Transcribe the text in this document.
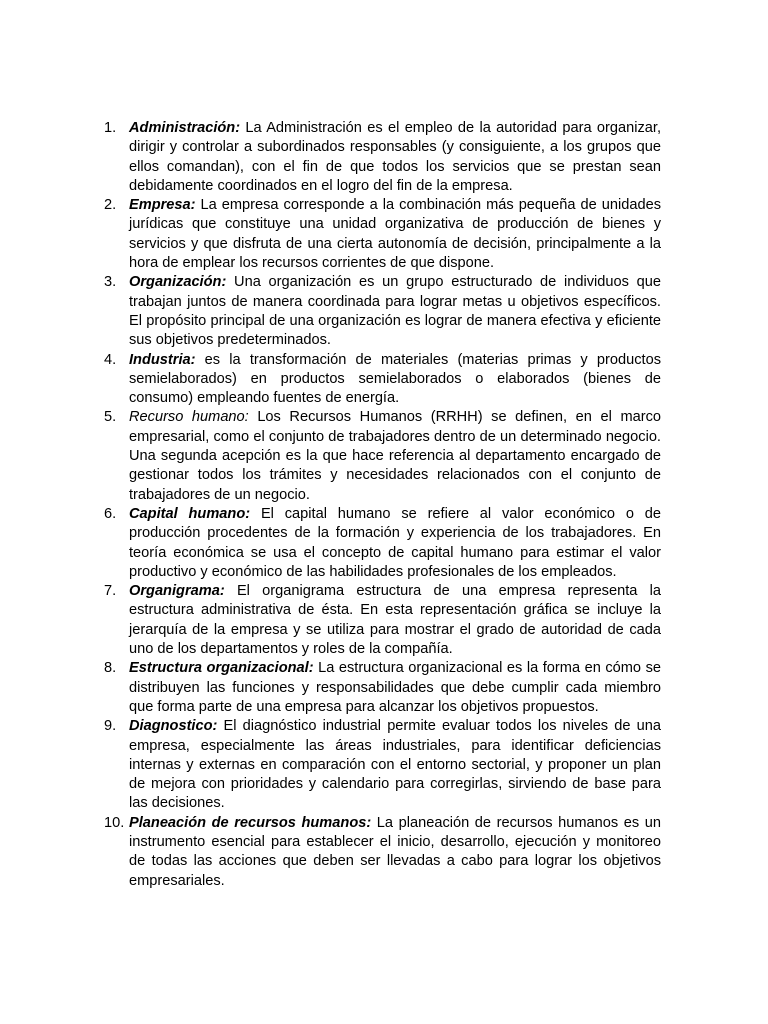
1. Administración: La Administración es el empleo de la autoridad para organizar, dirigir y controlar a subordinados responsables (y consiguiente, a los grupos que ellos comandan), con el fin de que todos los servicios que se prestan sean debidamente coordinados en el logro del fin de la empresa.
2. Empresa: La empresa corresponde a la combinación más pequeña de unidades jurídicas que constituye una unidad organizativa de producción de bienes y servicios y que disfruta de una cierta autonomía de decisión, principalmente a la hora de emplear los recursos corrientes de que dispone.
3. Organización: Una organización es un grupo estructurado de individuos que trabajan juntos de manera coordinada para lograr metas u objetivos específicos. El propósito principal de una organización es lograr de manera efectiva y eficiente sus objetivos predeterminados.
4. Industria: es la transformación de materiales (materias primas y productos semielaborados) en productos semielaborados o elaborados (bienes de consumo) empleando fuentes de energía.
5. Recurso humano: Los Recursos Humanos (RRHH) se definen, en el marco empresarial, como el conjunto de trabajadores dentro de un determinado negocio. Una segunda acepción es la que hace referencia al departamento encargado de gestionar todos los trámites y necesidades relacionados con el conjunto de trabajadores de un negocio.
6. Capital humano: El capital humano se refiere al valor económico o de producción procedentes de la formación y experiencia de los trabajadores. En teoría económica se usa el concepto de capital humano para estimar el valor productivo y económico de las habilidades profesionales de los empleados.
7. Organigrama: El organigrama estructura de una empresa representa la estructura administrativa de ésta. En esta representación gráfica se incluye la jerarquía de la empresa y se utiliza para mostrar el grado de autoridad de cada uno de los departamentos y roles de la compañía.
8. Estructura organizacional: La estructura organizacional es la forma en cómo se distribuyen las funciones y responsabilidades que debe cumplir cada miembro que forma parte de una empresa para alcanzar los objetivos propuestos.
9. Diagnostico: El diagnóstico industrial permite evaluar todos los niveles de una empresa, especialmente las áreas industriales, para identificar deficiencias internas y externas en comparación con el entorno sectorial, y proponer un plan de mejora con prioridades y calendario para corregirlas, sirviendo de base para las decisiones.
10. Planeación de recursos humanos: La planeación de recursos humanos es un instrumento esencial para establecer el inicio, desarrollo, ejecución y monitoreo de todas las acciones que deben ser llevadas a cabo para lograr los objetivos empresariales.
